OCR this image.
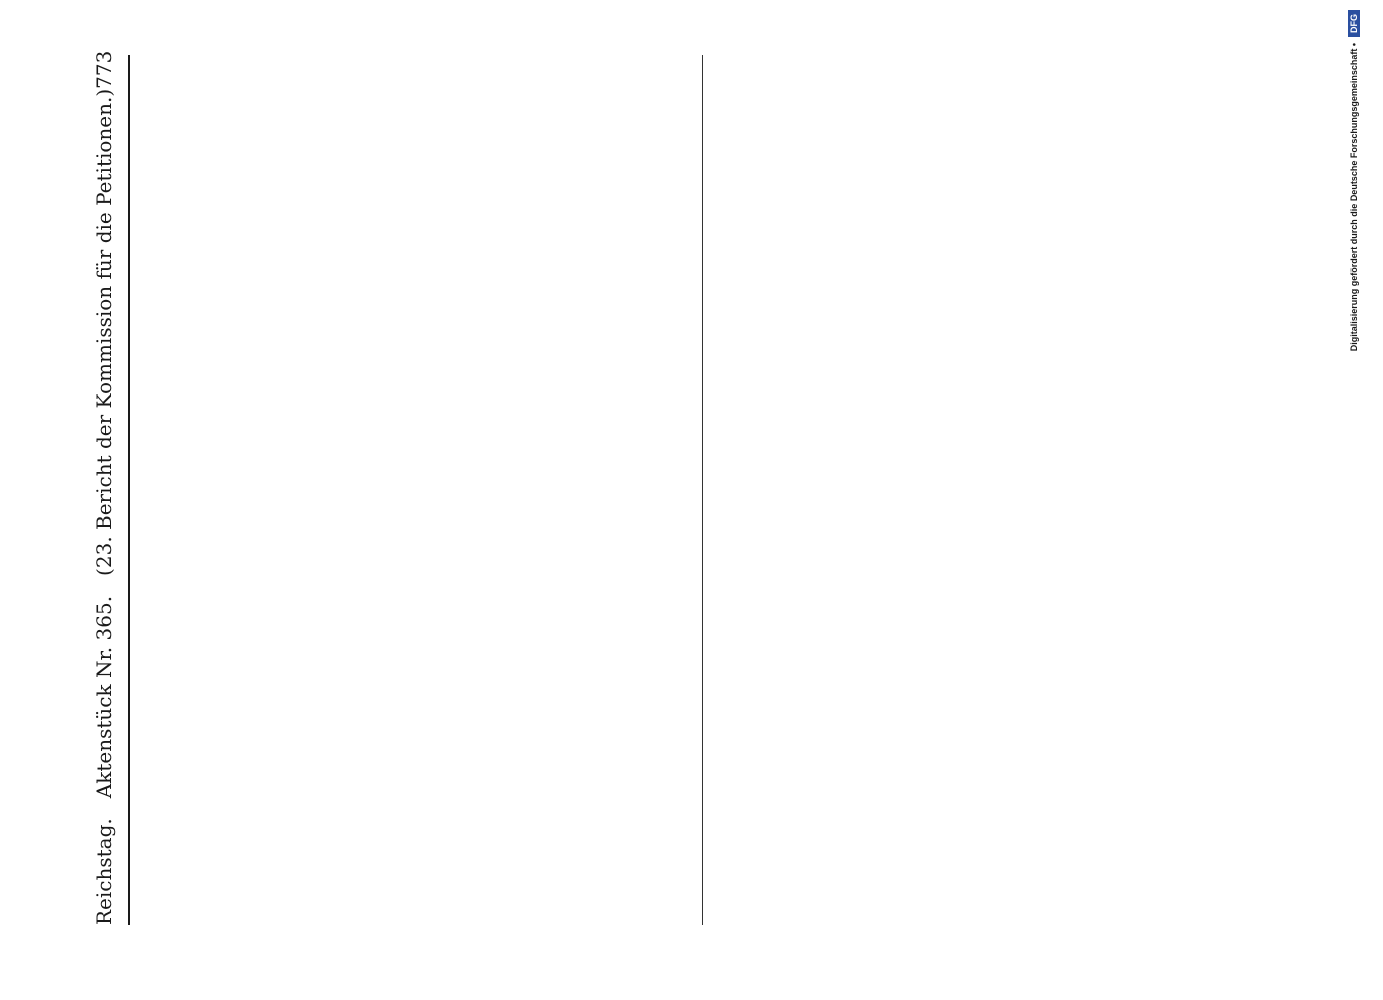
Reichstag.
Aktenstück Nr. 365.
(23. Bericht der Kommission für die Petitionen.)
773	Digitalisierung gefördert durch die Deutsche Forschungsgemeinschaft •
DFG
